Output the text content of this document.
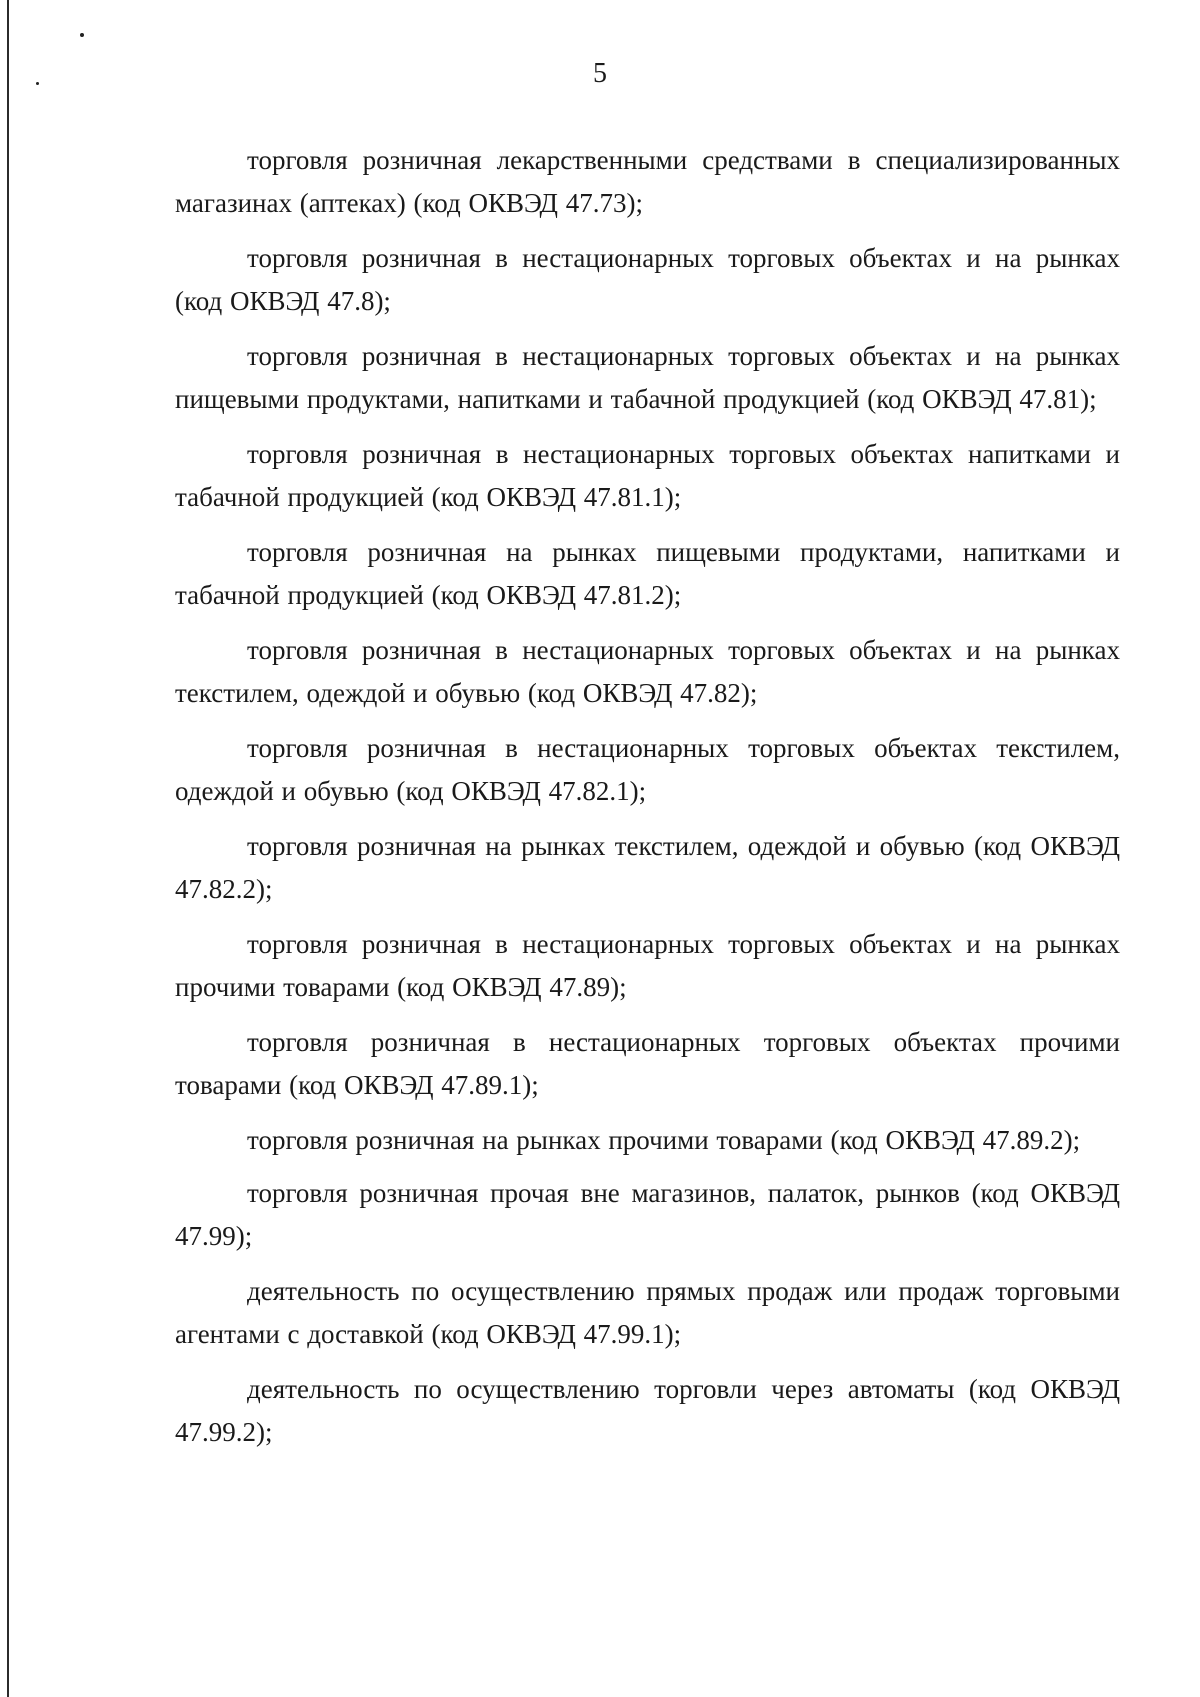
5

торговля розничная лекарственными средствами в специализированных магазинах (аптеках) (код ОКВЭД 47.73);

торговля розничная в нестационарных торговых объектах и на рынках (код ОКВЭД 47.8);

торговля розничная в нестационарных торговых объектах и на рынках пищевыми продуктами, напитками и табачной продукцией (код ОКВЭД 47.81);

торговля розничная в нестационарных торговых объектах напитками и табачной продукцией (код ОКВЭД 47.81.1);

торговля розничная на рынках пищевыми продуктами, напитками и табачной продукцией (код ОКВЭД 47.81.2);

торговля розничная в нестационарных торговых объектах и на рынках текстилем, одеждой и обувью (код ОКВЭД 47.82);

торговля розничная в нестационарных торговых объектах текстилем, одеждой и обувью (код ОКВЭД 47.82.1);

торговля розничная на рынках текстилем, одеждой и обувью (код ОКВЭД 47.82.2);

торговля розничная в нестационарных торговых объектах и на рынках прочими товарами (код ОКВЭД 47.89);

торговля розничная в нестационарных торговых объектах прочими товарами (код ОКВЭД 47.89.1);

торговля розничная на рынках прочими товарами (код ОКВЭД 47.89.2);

торговля розничная прочая вне магазинов, палаток, рынков (код ОКВЭД 47.99);

деятельность по осуществлению прямых продаж или продаж торговыми агентами с доставкой (код ОКВЭД 47.99.1);

деятельность по осуществлению торговли через автоматы (код ОКВЭД 47.99.2);
